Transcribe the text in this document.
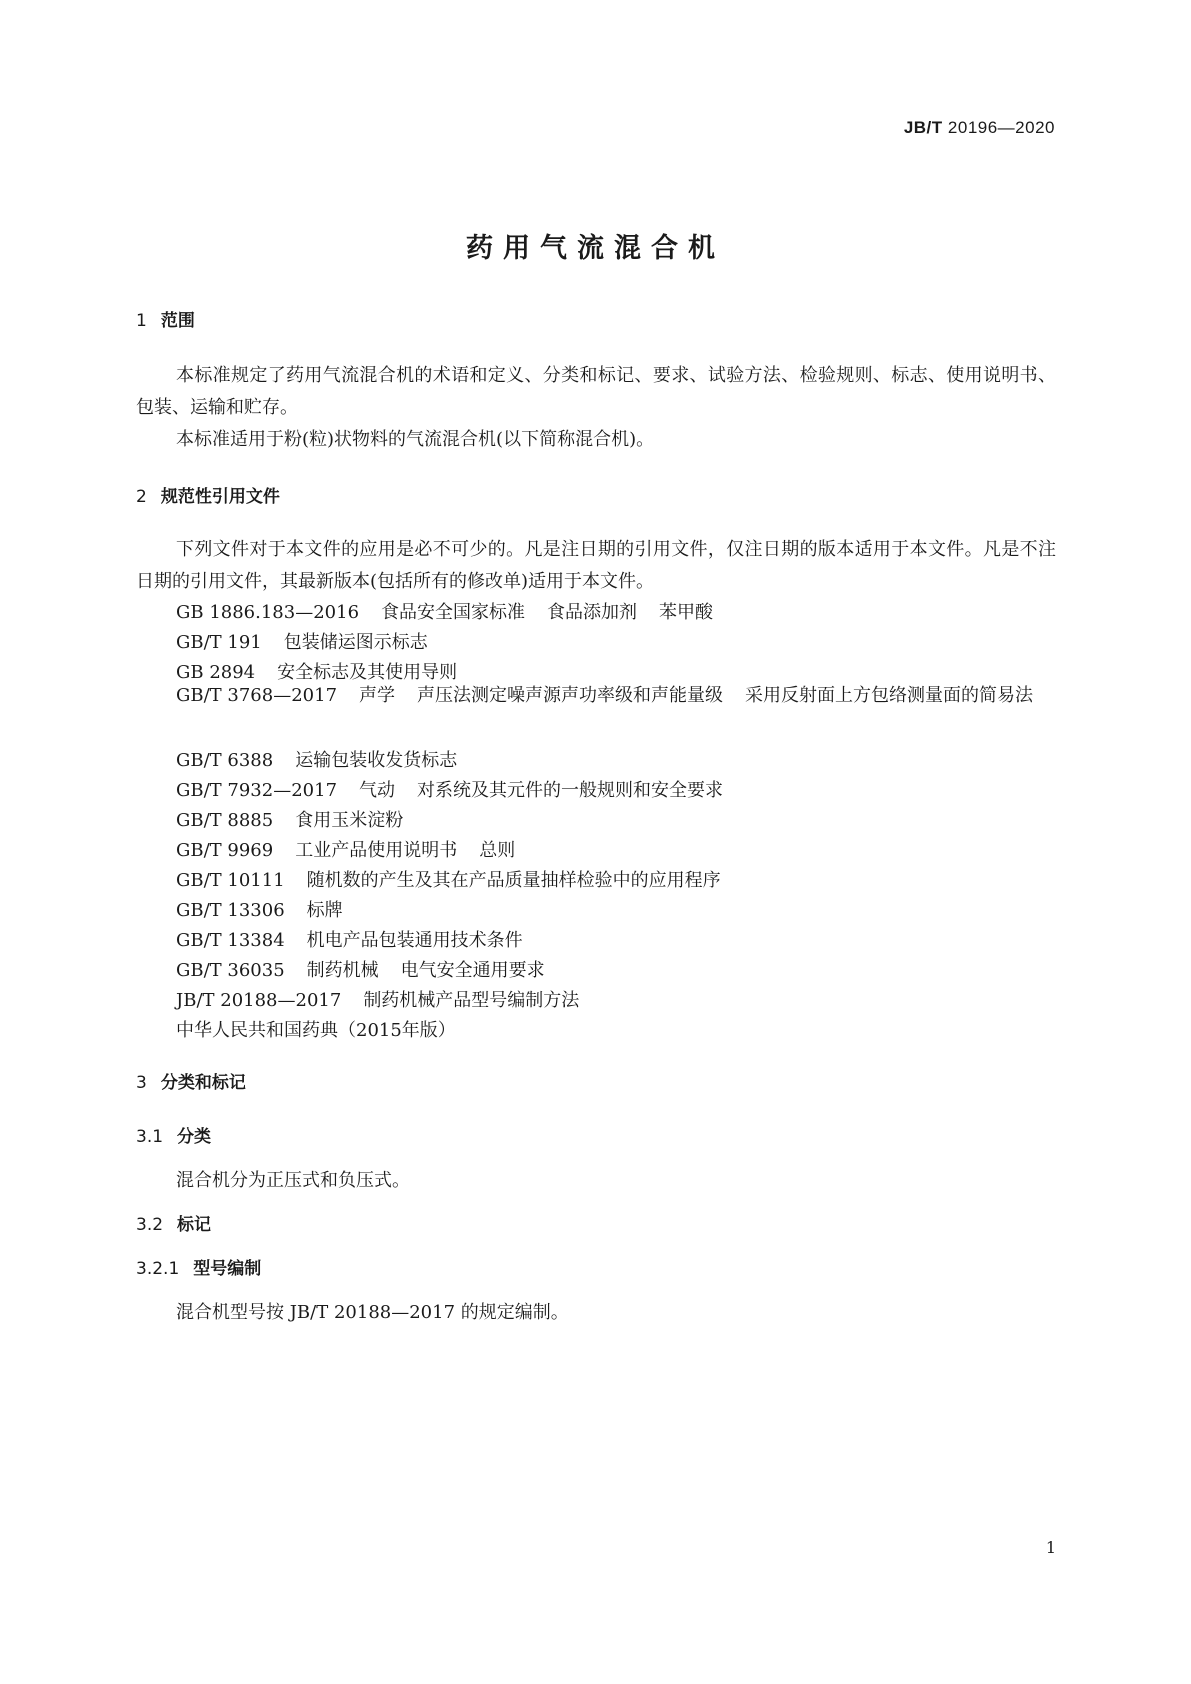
JB/T 20196—2020
药用气流混合机
1 范围
本标准规定了药用气流混合机的术语和定义、分类和标记、要求、试验方法、检验规则、标志、使用说明书、包装、运输和贮存。
本标准适用于粉(粒)状物料的气流混合机(以下简称混合机)。
2 规范性引用文件
下列文件对于本文件的应用是必不可少的。凡是注日期的引用文件，仅注日期的版本适用于本文件。凡是不注日期的引用文件，其最新版本(包括所有的修改单)适用于本文件。
GB 1886.183—2016 食品安全国家标准 食品添加剂 苯甲酸
GB/T 191 包装储运图示标志
GB 2894 安全标志及其使用导则
GB/T 3768—2017 声学 声压法测定噪声源声功率级和声能量级 采用反射面上方包络测量面的简易法
GB/T 6388 运输包装收发货标志
GB/T 7932—2017 气动 对系统及其元件的一般规则和安全要求
GB/T 8885 食用玉米淀粉
GB/T 9969 工业产品使用说明书 总则
GB/T 10111 随机数的产生及其在产品质量抽样检验中的应用程序
GB/T 13306 标牌
GB/T 13384 机电产品包装通用技术条件
GB/T 36035 制药机械 电气安全通用要求
JB/T 20188—2017 制药机械产品型号编制方法
中华人民共和国药典（2015年版）
3 分类和标记
3.1 分类
混合机分为正压式和负压式。
3.2 标记
3.2.1 型号编制
混合机型号按 JB/T 20188—2017 的规定编制。
1
